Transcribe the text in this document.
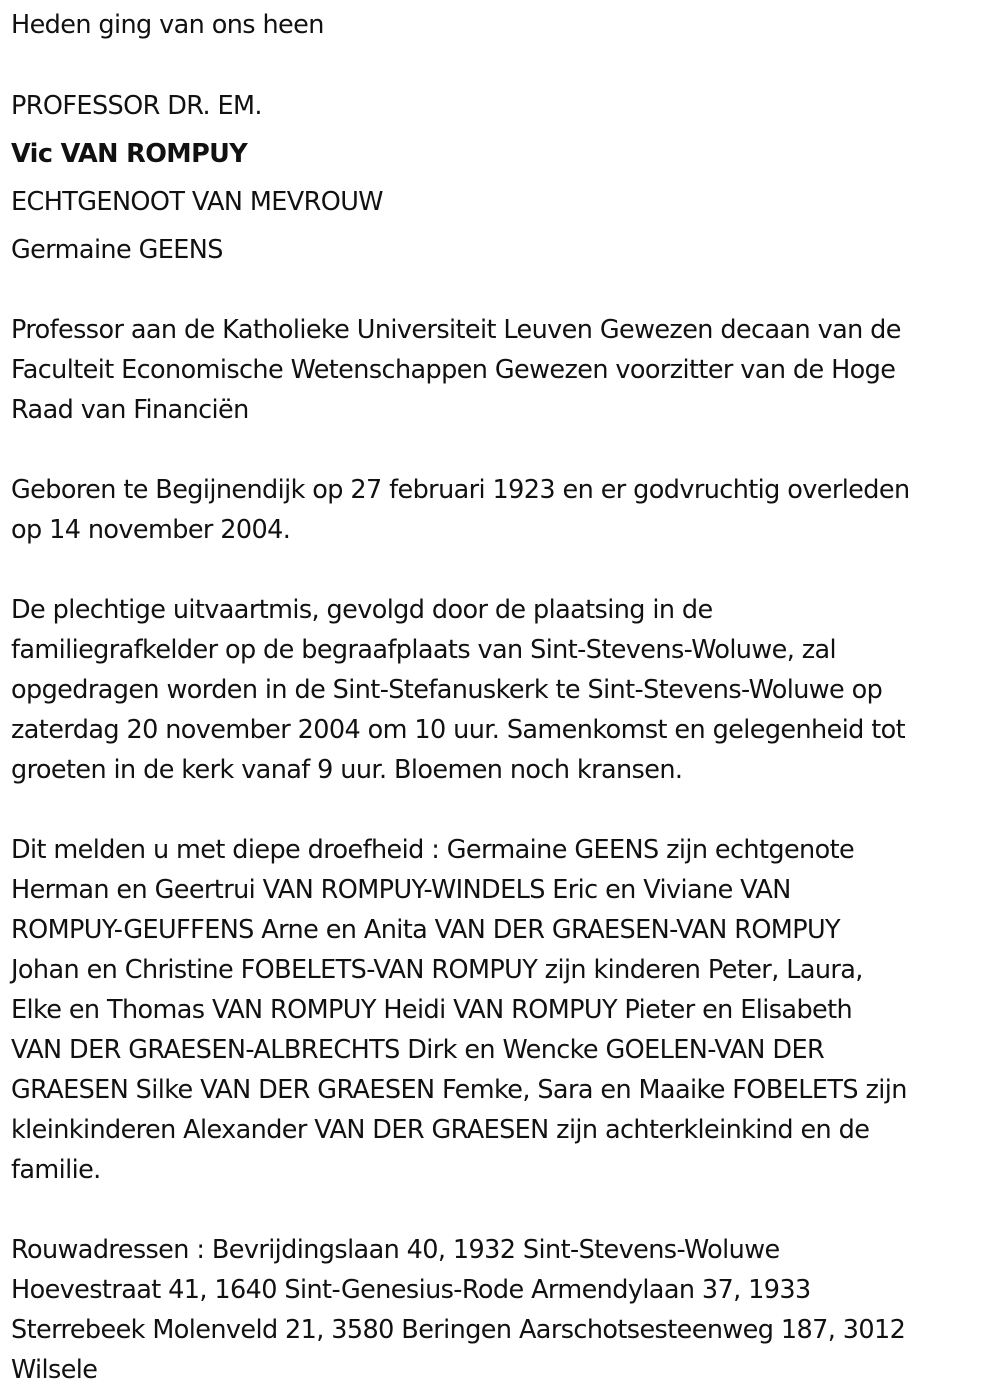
Heden ging van ons heen

PROFESSOR DR. EM.

Vic VAN ROMPUY

ECHTGENOOT VAN MEVROUW

Germaine GEENS

Professor aan de Katholieke Universiteit Leuven Gewezen decaan van de
Faculteit Economische Wetenschappen Gewezen voorzitter van de Hoge
Raad van Financiën
Geboren te Begijnendijk op 27 februari 1923 en er godvruchtig overleden
op 14 november 2004.
De plechtige uitvaartmis, gevolgd door de plaatsing in de
familiegrafkelder op de begraafplaats van Sint-Stevens-Woluwe, zal
opgedragen worden in de Sint-Stefanuskerk te Sint-Stevens-Woluwe op
zaterdag 20 november 2004 om 10 uur. Samenkomst en gelegenheid tot
groeten in de kerk vanaf 9 uur. Bloemen noch kransen.
Dit melden u met diepe droefheid : Germaine GEENS zijn echtgenote
Herman en Geertrui VAN ROMPUY-WINDELS Eric en Viviane VAN
ROMPUY-GEUFFENS Arne en Anita VAN DER GRAESEN-VAN ROMPUY
Johan en Christine FOBELETS-VAN ROMPUY zijn kinderen Peter, Laura,
Elke en Thomas VAN ROMPUY Heidi VAN ROMPUY Pieter en Elisabeth
VAN DER GRAESEN-ALBRECHTS Dirk en Wencke GOELEN-VAN DER
GRAESEN Silke VAN DER GRAESEN Femke, Sara en Maaike FOBELETS zijn
kleinkinderen Alexander VAN DER GRAESEN zijn achterkleinkind en de
familie.
Rouwadressen : Bevrijdingslaan 40, 1932 Sint-Stevens-Woluwe
Hoevestraat 41, 1640 Sint-Genesius-Rode Armendylaan 37, 1933
Sterrebeek Molenveld 21, 3580 Beringen Aarschotsesteenweg 187, 3012
Wilsele
